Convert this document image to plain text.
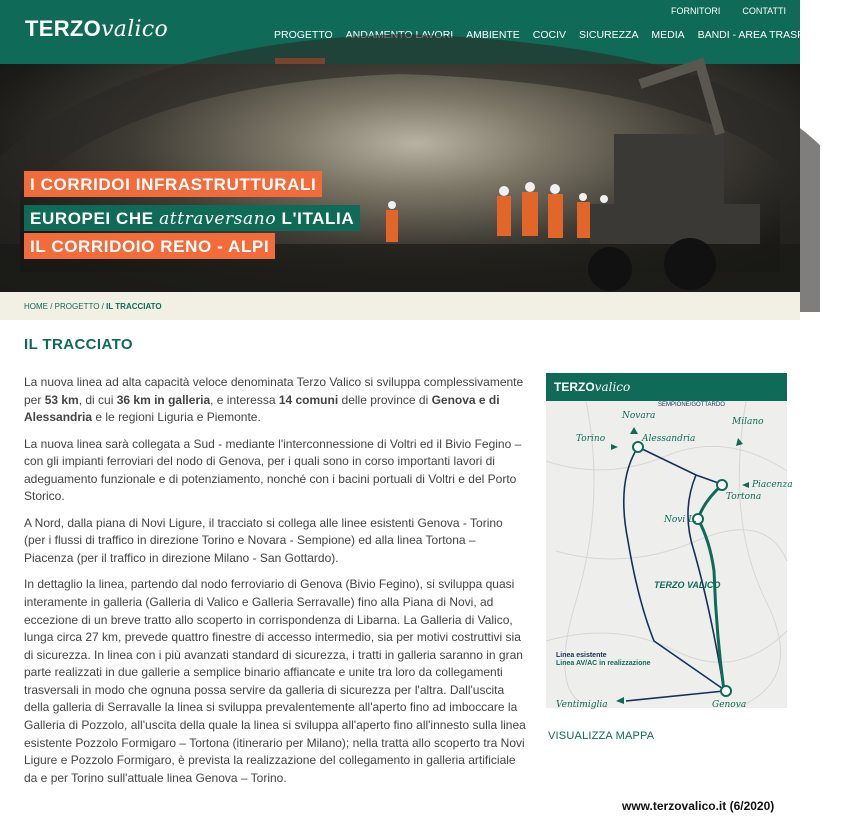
TERZOvalico
FORNITORI CONTATTI
PROGETTO ANDAMENTO LAVORI AMBIENTE COCIV SICUREZZA MEDIA BANDI - AREA TRASPARENZA
I CORRIDOI INFRASTRUTTURALI
EUROPEI CHE attraversano L'ITALIA
IL CORRIDOIO RENO - ALPI
HOME / PROGETTO / IL TRACCIATO
IL TRACCIATO

La nuova linea ad alta capacità veloce denominata Terzo Valico si sviluppa complessivamente per 53 km, di cui 36 km in galleria, e interessa 14 comuni delle province di Genova e di Alessandria e le regioni Liguria e Piemonte.

La nuova linea sarà collegata a Sud - mediante l'interconnessione di Voltri ed il Bivio Fegino – con gli impianti ferroviari del nodo di Genova, per i quali sono in corso importanti lavori di adeguamento funzionale e di potenziamento, nonché con i bacini portuali di Voltri e del Porto Storico.

A Nord, dalla piana di Novi Ligure, il tracciato si collega alle linee esistenti Genova - Torino (per i flussi di traffico in direzione Torino e Novara - Sempione) ed alla linea Tortona – Piacenza (per il traffico in direzione Milano - San Gottardo).

In dettaglio la linea, partendo dal nodo ferroviario di Genova (Bivio Fegino), si sviluppa quasi interamente in galleria (Galleria di Valico e Galleria Serravalle) fino alla Piana di Novi, ad eccezione di un breve tratto allo scoperto in corrispondenza di Libarna. La Galleria di Valico, lunga circa 27 km, prevede quattro finestre di accesso intermedio, sia per motivi costruttivi sia di sicurezza. In linea con i più avanzati standard di sicurezza, i tratti in galleria saranno in gran parte realizzati in due gallerie a semplice binario affiancate e unite tra loro da collegamenti trasversali in modo che ognuna possa servire da galleria di sicurezza per l'altra. Dall'uscita della galleria di Serravalle la linea si sviluppa prevalentemente all'aperto fino ad imboccare la Galleria di Pozzolo, all'uscita della quale la linea si sviluppa all'aperto fino all'innesto sulla linea esistente Pozzolo Formigaro – Tortona (itinerario per Milano); nella tratta allo scoperto tra Novi Ligure e Pozzolo Formigaro, è prevista la realizzazione del collegamento in galleria artificiale da e per Torino sull'attuale linea Genova – Torino.

TERZOvalico
Novara
Torino	Alessandria
Milano
Piacenza
Tortona
Novi L.
Genova
Ventimiglia
SEMPIONE/GOTTARDO
TERZO VALICO
Linea esistente
Linea AV/AC in realizzazione
VISUALIZZA MAPPA
www.terzovalico.it (6/2020)
